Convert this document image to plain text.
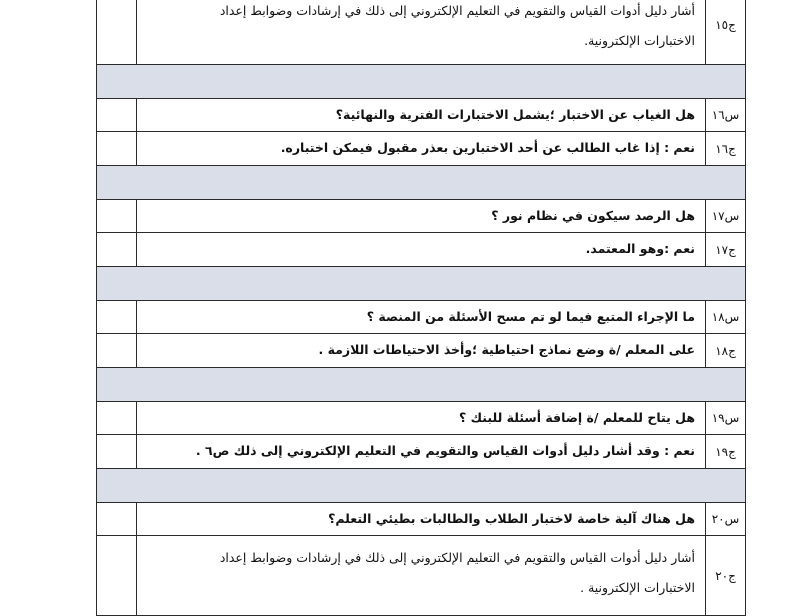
ج١٥
أشار دليل أدوات القياس والتقويم في التعليم الإلكتروني إلى ذلك في إرشادات وضوابط إعداد
الاختبارات الإلكترونية.
س١٦
هل الغياب عن الاختبار ؛يشمل الاختبارات الفترية والنهائية؟
ج١٦
نعم : إذا غاب الطالب عن أحد الاختبارين بعذر مقبول فيمكن اختباره.
س١٧
هل الرصد سيكون في نظام نور ؟
ج١٧
نعم :وهو المعتمد.
س١٨
ما الإجراء المتبع فيما لو تم مسح الأسئلة من المنصة ؟
ج١٨
على المعلم /ة وضع نماذج احتياطية ؛وأخذ الاحتياطات اللازمة .
س١٩
هل يتاح للمعلم /ة إضافة أسئلة للبنك ؟
ج١٩
نعم : وقد أشار دليل أدوات القياس والتقويم في التعليم الإلكتروني إلى ذلك ص٦ .
س٢٠
هل هناك آلية خاصة لاختبار الطلاب والطالبات بطيئي التعلم؟
ج٢٠
أشار دليل أدوات القياس والتقويم في التعليم الإلكتروني إلى ذلك في إرشادات وضوابط إعداد
الاختبارات الإلكترونية .
